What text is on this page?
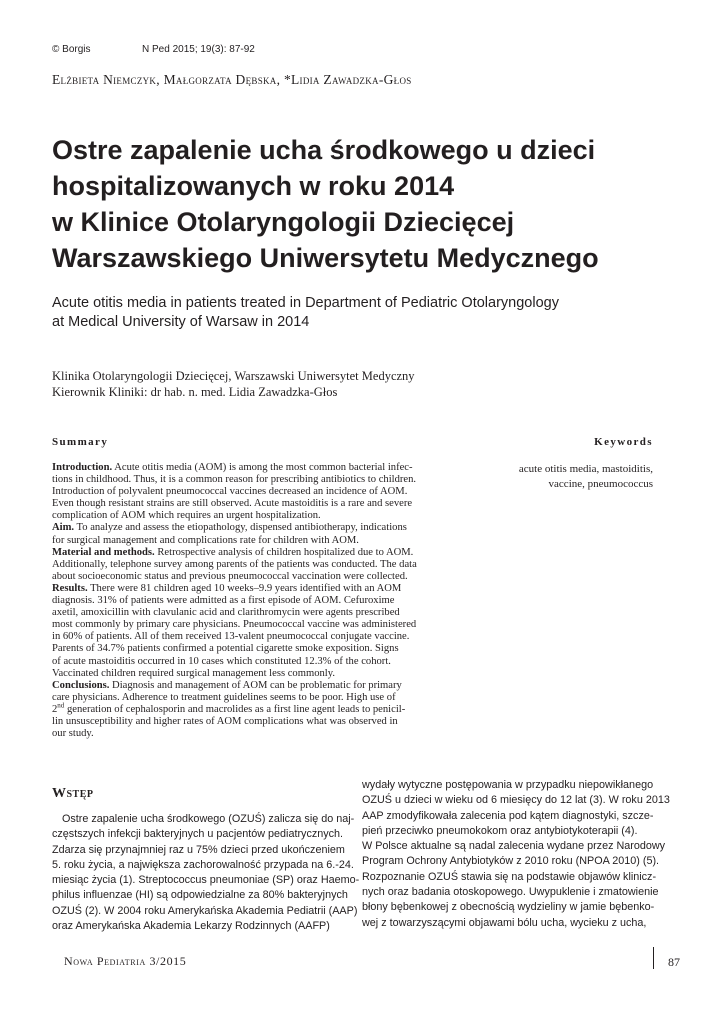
© Borgis	N Ped 2015; 19(3): 87-92
Elżbieta Niemczyk, Małgorzata Dębska, *Lidia Zawadzka-Głos
Ostre zapalenie ucha środkowego u dzieci
hospitalizowanych w roku 2014
w Klinice Otolaryngologii Dziecięcej
Warszawskiego Uniwersytetu Medycznego
Acute otitis media in patients treated in Department of Pediatric Otolaryngology
at Medical University of Warsaw in 2014
Klinika Otolaryngologii Dziecięcej, Warszawski Uniwersytet Medyczny
Kierownik Kliniki: dr hab. n. med. Lidia Zawadzka-Głos
Summary	Keywords
Introduction. Acute otitis media (AOM) is among the most common bacterial infec-
tions in childhood. Thus, it is a common reason for prescribing antibiotics to children.
Introduction of polyvalent pneumococcal vaccines decreased an incidence of AOM.
Even though resistant strains are still observed. Acute mastoiditis is a rare and severe
complication of AOM which requires an urgent hospitalization.
Aim. To analyze and assess the etiopathology, dispensed antibiotherapy, indications
for surgical management and complications rate for children with AOM.
Material and methods. Retrospective analysis of children hospitalized due to AOM.
Additionally, telephone survey among parents of the patients was conducted. The data
about socioeconomic status and previous pneumococcal vaccination were collected.
Results. There were 81 children aged 10 weeks–9.9 years identified with an AOM
diagnosis. 31% of patients were admitted as a first episode of AOM. Cefuroxime
axetil, amoxicillin with clavulanic acid and clarithromycin were agents prescribed
most commonly by primary care physicians. Pneumococcal vaccine was administered
in 60% of patients. All of them received 13-valent pneumococcal conjugate vaccine.
Parents of 34.7% patients confirmed a potential cigarette smoke exposition. Signs
of acute mastoiditis occurred in 10 cases which constituted 12.3% of the cohort.
Vaccinated children required surgical management less commonly.
Conclusions. Diagnosis and management of AOM can be problematic for primary
care physicians. Adherence to treatment guidelines seems to be poor. High use of
2nd generation of cephalosporin and macrolides as a first line agent leads to penicil-
lin unsusceptibility and higher rates of AOM complications what was observed in
our study.
acute otitis media, mastoiditis,
vaccine, pneumococcus
Wstęp
Ostre zapalenie ucha środkowego (OZUŚ) zalicza się do naj-
częstszych infekcji bakteryjnych u pacjentów pediatrycznych.
Zdarza się przynajmniej raz u 75% dzieci przed ukończeniem
5. roku życia, a największa zachorowalność przypada na 6.-24.
miesiąc życia (1). Streptococcus pneumoniae (SP) oraz Haemo-
philus influenzae (HI) są odpowiedzialne za 80% bakteryjnych
OZUŚ (2). W 2004 roku Amerykańska Akademia Pediatrii (AAP)
oraz Amerykańska Akademia Lekarzy Rodzinnych (AAFP)
wydały wytyczne postępowania w przypadku niepowikłanego
OZUŚ u dzieci w wieku od 6 miesięcy do 12 lat (3). W roku 2013
AAP zmodyfikowała zalecenia pod kątem diagnostyki, szcze-
pień przeciwko pneumokokom oraz antybiotykoterapii (4).
W Polsce aktualne są nadal zalecenia wydane przez Narodowy
Program Ochrony Antybiotyków z 2010 roku (NPOA 2010) (5).
Rozpoznanie OZUŚ stawia się na podstawie objawów klinicz-
nych oraz badania otoskopowego. Uwypuklenie i zmatowienie
błony bębenkowej z obecnością wydzieliny w jamie bębenko-
wej z towarzyszącymi objawami bólu ucha, wycieku z ucha,
Nowa Pediatria 3/2015	87
